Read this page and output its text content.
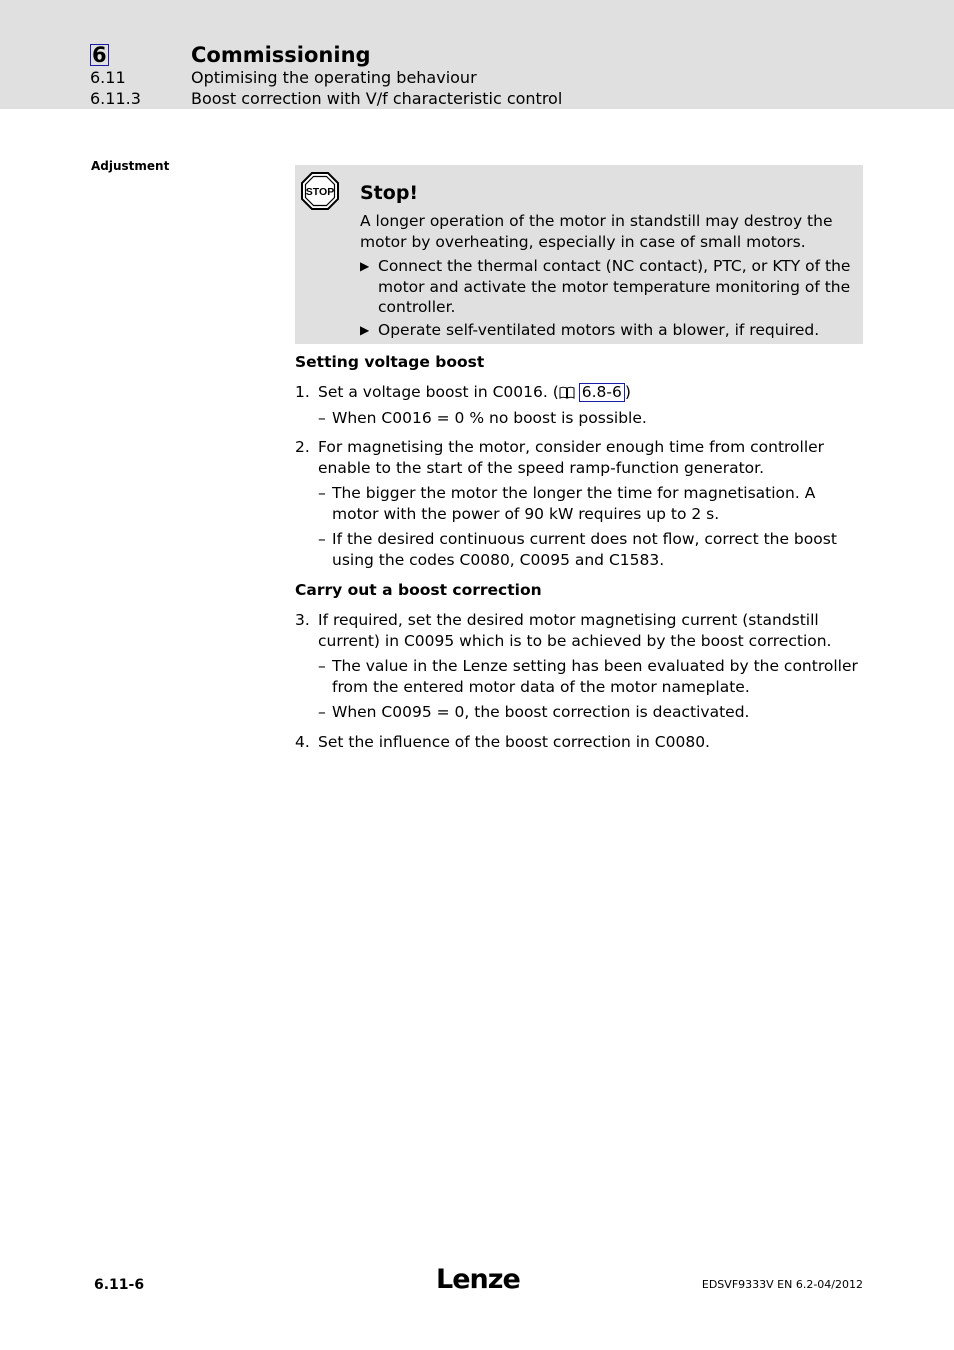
6	Commissioning
6.11	Optimising the operating behaviour
6.11.3	Boost correction with V/f characteristic control
Adjustment
STOP Stop!
A longer operation of the motor in standstill may destroy the motor by overheating, especially in case of small motors.
▶ Connect the thermal contact (NC contact), PTC, or KTY of the motor and activate the motor temperature monitoring of the controller.
▶ Operate self-ventilated motors with a blower, if required.
Setting voltage boost
1. Set a voltage boost in C0016. ( 6.8-6 )
– When C0016 = 0 % no boost is possible.
2. For magnetising the motor, consider enough time from controller enable to the start of the speed ramp-function generator.
– The bigger the motor the longer the time for magnetisation. A motor with the power of 90 kW requires up to 2 s.
– If the desired continuous current does not flow, correct the boost using the codes C0080, C0095 and C1583.
Carry out a boost correction
3. If required, set the desired motor magnetising current (standstill current) in C0095 which is to be achieved by the boost correction.
– The value in the Lenze setting has been evaluated by the controller from the entered motor data of the motor nameplate.
– When C0095 = 0, the boost correction is deactivated.
4. Set the influence of the boost correction in C0080.
6.11-6	Lenze	EDSVF9333V EN 6.2-04/2012
